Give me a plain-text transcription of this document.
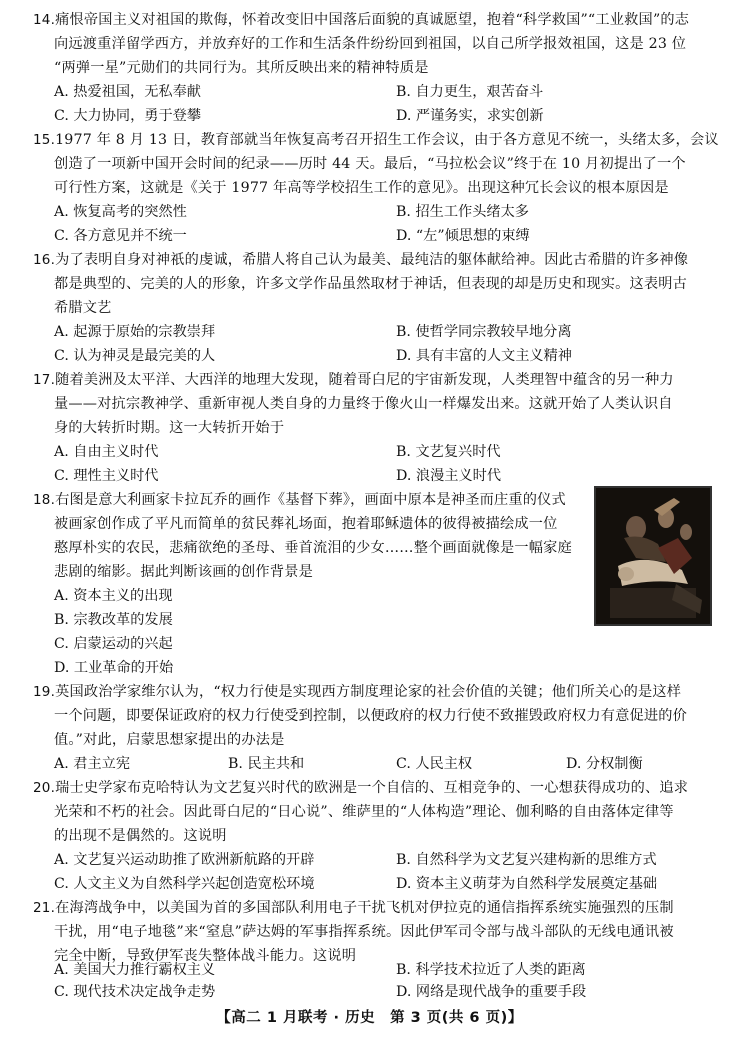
14.痛恨帝国主义对祖国的欺侮，怀着改变旧中国落后面貌的真诚愿望，抱着“科学救国”“工业救国”的志
向远渡重洋留学西方，并放弃好的工作和生活条件纷纷回到祖国，以自己所学报效祖国，这是 23 位
“两弹一星”元勋们的共同行为。其所反映出来的精神特质是
A. 热爱祖国，无私奉献	B. 自力更生，艰苦奋斗
C. 大力协同，勇于登攀	D. 严谨务实，求实创新
15.1977 年 8 月 13 日，教育部就当年恢复高考召开招生工作会议，由于各方意见不统一，头绪太多，会议
创造了一项新中国开会时间的纪录——历时 44 天。最后，“马拉松会议”终于在 10 月初提出了一个
可行性方案，这就是《关于 1977 年高等学校招生工作的意见》。出现这种冗长会议的根本原因是
A. 恢复高考的突然性	B. 招生工作头绪太多
C. 各方意见并不统一	D. “左”倾思想的束缚
16.为了表明自身对神祇的虔诚，希腊人将自己认为最美、最纯洁的躯体献给神。因此古希腊的许多神像
都是典型的、完美的人的形象，许多文学作品虽然取材于神话，但表现的却是历史和现实。这表明古
希腊文艺
A. 起源于原始的宗教崇拜	B. 使哲学同宗教较早地分离
C. 认为神灵是最完美的人	D. 具有丰富的人文主义精神
17.随着美洲及太平洋、大西洋的地理大发现，随着哥白尼的宇宙新发现，人类理智中蕴含的另一种力
量——对抗宗教神学、重新审视人类自身的力量终于像火山一样爆发出来。这就开始了人类认识自
身的大转折时期。这一大转折开始于
A. 自由主义时代	B. 文艺复兴时代
C. 理性主义时代	D. 浪漫主义时代
18.右图是意大利画家卡拉瓦乔的画作《基督下葬》，画面中原本是神圣而庄重的仪式
被画家创作成了平凡而简单的贫民葬礼场面，抱着耶稣遗体的彼得被描绘成一位
憨厚朴实的农民，悲痛欲绝的圣母、垂首流泪的少女……整个画面就像是一幅家庭
悲剧的缩影。据此判断该画的创作背景是
A. 资本主义的出现
B. 宗教改革的发展
C. 启蒙运动的兴起
D. 工业革命的开始
19.英国政治学家维尔认为，“权力行使是实现西方制度理论家的社会价值的关键；他们所关心的是这样
一个问题，即要保证政府的权力行使受到控制，以便政府的权力行使不致摧毁政府权力有意促进的价
值。”对此，启蒙思想家提出的办法是
A. 君主立宪	B. 民主共和	C. 人民主权	D. 分权制衡
20.瑞士史学家布克哈特认为文艺复兴时代的欧洲是一个自信的、互相竞争的、一心想获得成功的、追求
光荣和不朽的社会。因此哥白尼的“日心说”、维萨里的“人体构造”理论、伽利略的自由落体定律等
的出现不是偶然的。这说明
A. 文艺复兴运动助推了欧洲新航路的开辟	B. 自然科学为文艺复兴建构新的思维方式
C. 人文主义为自然科学兴起创造宽松环境	D. 资本主义萌芽为自然科学发展奠定基础
21.在海湾战争中，以美国为首的多国部队利用电子干扰飞机对伊拉克的通信指挥系统实施强烈的压制
干扰，用“电子地毯”来“窒息”萨达姆的军事指挥系统。因此伊军司令部与战斗部队的无线电通讯被
完全中断，导致伊军丧失整体战斗能力。这说明
A. 美国大力推行霸权主义	B. 科学技术拉近了人类的距离
C. 现代技术决定战争走势	D. 网络是现代战争的重要手段
【高二 1 月联考 · 历史　第 3 页(共 6 页)】
